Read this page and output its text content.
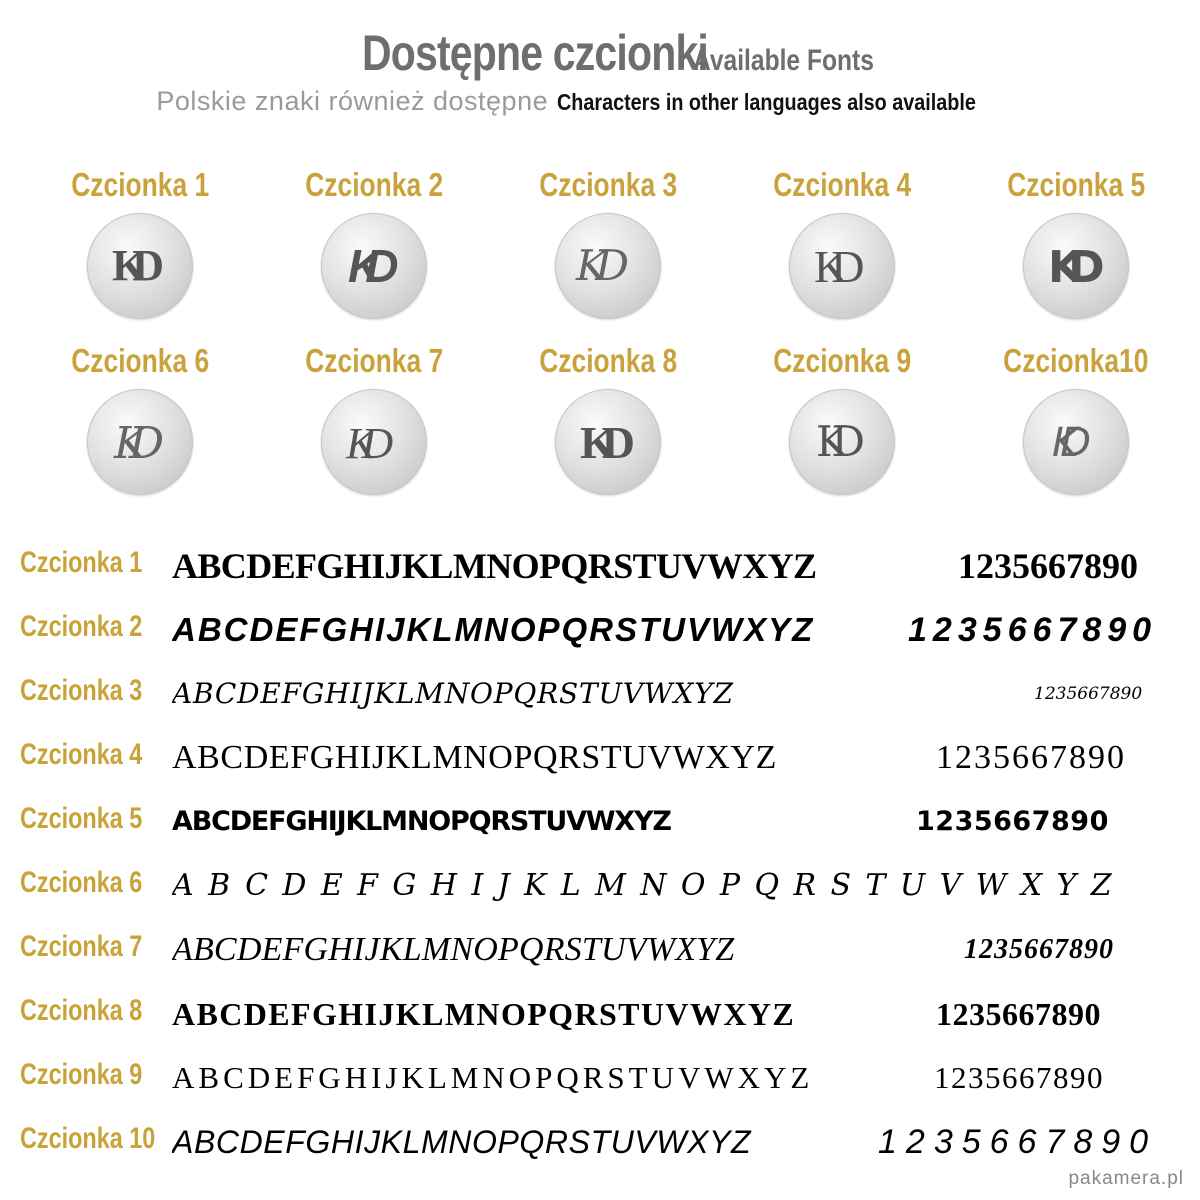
Dostępne czcionki Available Fonts
Polskie znaki również dostępne Characters in other languages also available
Czcionka 1
KD
Czcionka 2
KD
Czcionka 3
KD
Czcionka 4
KD
Czcionka 5
KD
Czcionka 6
KD
Czcionka 7
KD
Czcionka 8
KD
Czcionka 9
KD
Czcionka10
KD
Czcionka 1 ABCDEFGHIJKLMNOPQRSTUVWXYZ	1235667890
Czcionka 2 ABCDEFGHIJKLMNOPQRSTUVWXYZ	1235667890
Czcionka 3 ABCDEFGHIJKLMNOPQRSTUVWXYZ	1235667890
Czcionka 4 ABCDEFGHIJKLMNOPQRSTUVWXYZ	1235667890
Czcionka 5 ABCDEFGHIJKLMNOPQRSTUVWXYZ	1235667890
Czcionka 6 ABCDEFGHIJKLMNOPQRSTUVWXYZ
Czcionka 7 ABCDEFGHIJKLMNOPQRSTUVWXYZ	1235667890
Czcionka 8 ABCDEFGHIJKLMNOPQRSTUVWXYZ	1235667890
Czcionka 9 ABCDEFGHIJKLMNOPQRSTUVWXYZ	1235667890
Czcionka 10 ABCDEFGHIJKLMNOPQRSTUVWXYZ	1235667890
pakamera.pl
